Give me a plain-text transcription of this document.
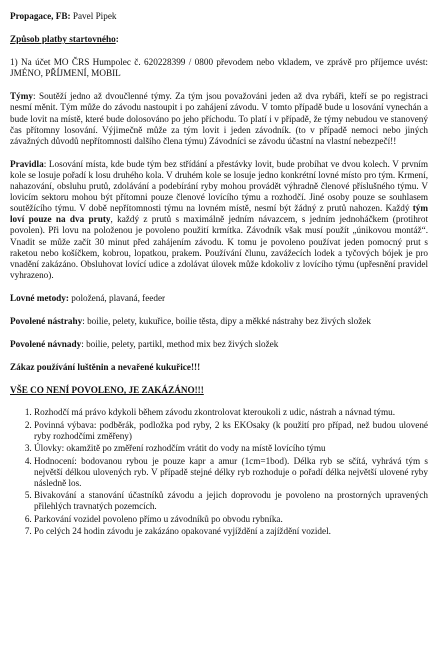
Propagace, FB: Pavel Pipek

Způsob platby startovného:

1) Na účet MO ČRS Humpolec č. 620228399 / 0800 převodem nebo vkladem, ve zprávě pro příjemce uvést: JMÉNO, PŘÍJMENÍ, MOBIL

Týmy: Soutěží jedno až dvoučlenné týmy. Za tým jsou považováni jeden až dva rybáři, kteří se po registraci nesmí měnit. Tým může do závodu nastoupit i po zahájení závodu. V tomto případě bude u losování vynechán a bude lovit na místě, které bude dolosováno po jeho příchodu. To platí i v případě, že týmy nebudou ve stanovený čas přítomny losování. Výjimečně může za tým lovit i jeden závodník. (to v případě nemoci nebo jiných závažných důvodů nepřítomnosti dalšího člena týmu) Závodníci se závodu účastní na vlastní nebezpečí!!

Pravidla: Losování místa, kde bude tým bez střídání a přestávky lovit, bude probíhat ve dvou kolech. V prvním kole se losuje pořadí k losu druhého kola. V druhém kole se losuje jedno konkrétní lovné místo pro tým. Krmení, nahazování, obsluhu prutů, zdolávání a podebírání ryby mohou provádět výhradně členové příslušného týmu. V lovicím sektoru mohou být přítomni pouze členové lovícího týmu a rozhodčí. Jiné osoby pouze se souhlasem soutěžícího týmu. V době nepřítomnosti týmu na lovném místě, nesmí být žádný z prutů nahozen. Každý tým loví pouze na dva pruty, každý z prutů s maximálně jedním návazcem, s jedním jednoháčkem (protihrot povolen). Při lovu na položenou je povoleno použití krmítka. Závodník však musí použít „únikovou montáž“. Vnadit se může začít 30 minut před zahájením závodu. K tomu je povoleno používat jeden pomocný prut s raketou nebo košíčkem, kobrou, lopatkou, prakem. Používání člunu, zavážecích lodek a tyčových bójek je pro vnadění zakázáno. Obsluhovat lovící udice a zdolávat úlovek může kdokoliv z lovícího týmu (upřesnění pravidel vyhrazeno).

Lovné metody: položená, plavaná, feeder

Povolené nástrahy: boilie, pelety, kukuřice, boilie těsta, dipy a měkké nástrahy bez živých složek

Povolené návnady: boilie, pelety, partikl, method mix bez živých složek

Zákaz používání luštěnin a nevařené kukuřice!!!

VŠE CO NENÍ POVOLENO, JE ZAKÁZÁNO!!!

1. Rozhodčí má právo kdykoli během závodu zkontrolovat kteroukoli z udic, nástrah a návnad týmu.
2. Povinná výbava: podběrák, podložka pod ryby, 2 ks EKOsaky (k použití pro případ, než budou ulovené ryby rozhodčími změřeny)
3. Úlovky: okamžitě po změření rozhodčím vrátit do vody na místě lovícího týmu
4. Hodnocení: bodovanou rybou je pouze kapr a amur (1cm=1bod). Délka ryb se sčítá, vyhrává tým s největší délkou ulovených ryb. V případě stejné délky ryb rozhoduje o pořadí délka největší ulovené ryby následně los.
5. Bivakování a stanování účastníků závodu a jejich doprovodu je povoleno na prostorných upravených přilehlých travnatých pozemcích.
6. Parkování vozidel povoleno přímo u závodníků po obvodu rybníka.
7. Po celých 24 hodin závodu je zakázáno opakované vyjíždění a zajíždění vozidel.
